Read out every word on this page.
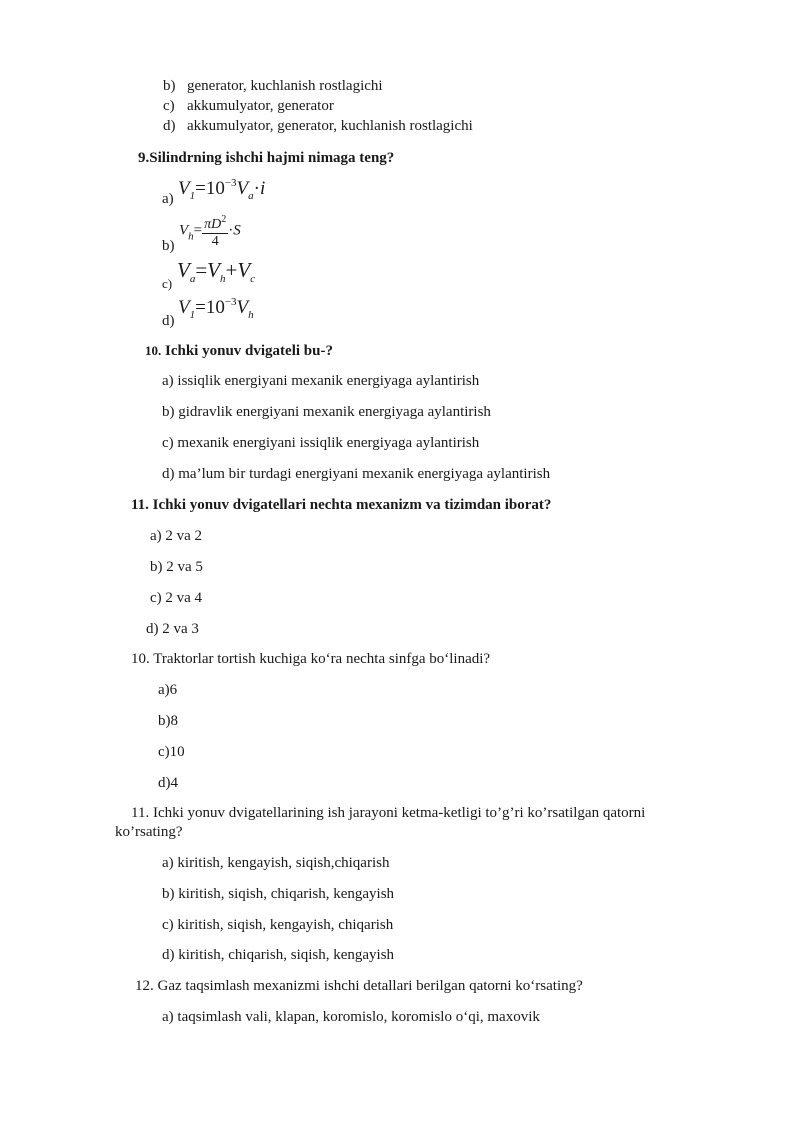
b) generator, kuchlanish rostlagichi
c) akkumulyator, generator
d) akkumulyator, generator, kuchlanish rostlagichi
9.Silindrning ishchi hajmi nimaga teng?
a) $V_1=10^{-3}V_a\cdot i$
b)
$V_h= \frac{\pi D^2}{4} \cdot S$
c)
$V_a=V_h+V_c$
d)
$V_1=10^{-3}V_h$
10. Ichki yonuv dvigateli bu-?
a) issiqlik energiyani mexanik energiyaga aylantirish
b) gidravlik energiyani mexanik energiyaga aylantirish
c) mexanik energiyani issiqlik energiyaga aylantirish
d) ma’lum bir turdagi energiyani mexanik energiyaga aylantirish
11. Ichki yonuv dvigatellari nechta mexanizm va tizimdan iborat?
a) 2 va 2
b) 2 va 5
c) 2 va 4
d) 2 va 3
10. Traktorlar tortish kuchiga ko‘ra nechta sinfga bo‘linadi?
a)6
b)8
c)10
d)4
11. Ichki yonuv dvigatellarining ish jarayoni ketma-ketligi to’g’ri ko’rsatilgan qatorni
ko’rsating?
a) kiritish, kengayish, siqish,chiqarish
b) kiritish, siqish, chiqarish, kengayish
c) kiritish, siqish, kengayish, chiqarish
d) kiritish, chiqarish, siqish, kengayish
12. Gaz taqsimlash mexanizmi ishchi detallari berilgan qatorni ko‘rsating?
a) taqsimlash vali, klapan, koromislo, koromislo o‘qi, maxovik
